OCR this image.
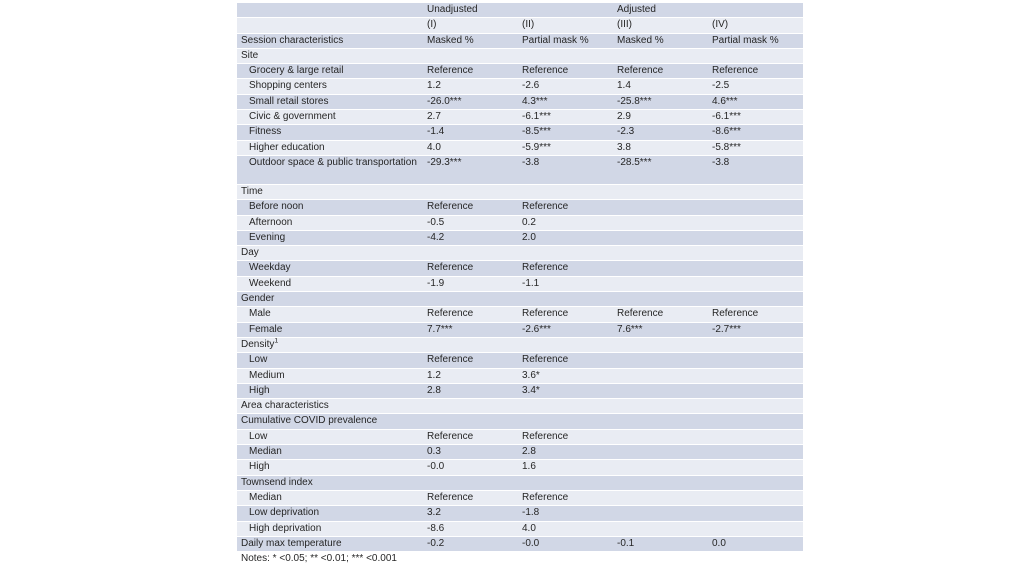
	Unadjusted		Adjusted	
	(I)	(II)	(III)	(IV)
Session characteristics	Masked %	Partial mask %	Masked %	Partial mask %
Site				
Grocery & large retail	Reference	Reference	Reference	Reference
Shopping centers	1.2	-2.6	1.4	-2.5
Small retail stores	-26.0***	4.3***	-25.8***	4.6***
Civic & government	2.7	-6.1***	2.9	-6.1***
Fitness	-1.4	-8.5***	-2.3	-8.6***
Higher education	4.0	-5.9***	3.8	-5.8***
Outdoor space & public transportation	-29.3***	-3.8	-28.5***	-3.8
Time				
Before noon	Reference	Reference		
Afternoon	-0.5	0.2		
Evening	-4.2	2.0		
Day				
Weekday	Reference	Reference		
Weekend	-1.9	-1.1		
Gender				
Male	Reference	Reference	Reference	Reference
Female	7.7***	-2.6***	7.6***	-2.7***
Density$^1$				
Low	Reference	Reference		
Medium	1.2	3.6*		
High	2.8	3.4*		
Area characteristics				
Cumulative COVID prevalence				
Low	Reference	Reference		
Median	0.3	2.8		
High	-0.0	1.6		
Townsend index				
Median	Reference	Reference		
Low deprivation	3.2	-1.8		
High deprivation	-8.6	4.0		
Daily max temperature	-0.2	-0.0	-0.1	0.0
Notes: * <0.05; ** <0.01; *** <0.001				
